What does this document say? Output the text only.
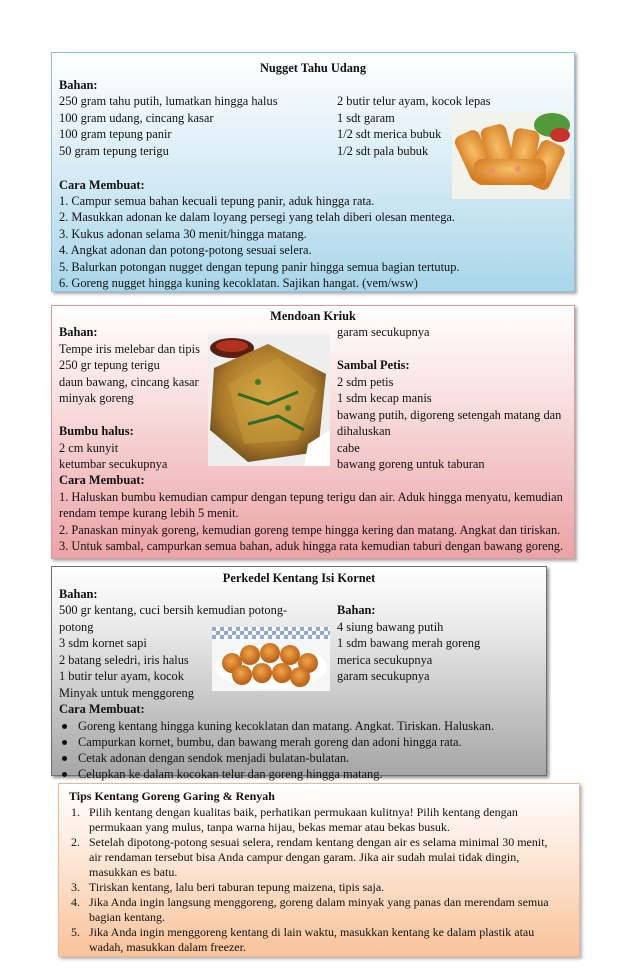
Nugget Tahu Udang
Bahan:
250 gram tahu putih, lumatkan hingga halus
100 gram udang, cincang kasar
100 gram tepung panir
50 gram tepung terigu
2 butir telur ayam, kocok lepas
1 sdt garam
1/2 sdt merica bubuk
1/2 sdt pala bubuk
Cara Membuat:
1. Campur semua bahan kecuali tepung panir, aduk hingga rata.
2. Masukkan adonan ke dalam loyang persegi yang telah diberi olesan mentega.
3. Kukus adonan selama 30 menit/hingga matang.
4. Angkat adonan dan potong-potong sesuai selera.
5. Balurkan potongan nugget dengan tepung panir hingga semua bagian tertutup.
6. Goreng nugget hingga kuning kecoklatan. Sajikan hangat. (vem/wsw)
Mendoan Kriuk
Bahan:
Tempe iris melebar dan tipis
250 gr tepung terigu
daun bawang, cincang kasar
minyak goreng
Bumbu halus:
2 cm kunyit
ketumbar secukupnya
garam secukupnya
Sambal Petis:
2 sdm petis
1 sdm kecap manis
bawang putih, digoreng setengah matang dan
dihaluskan
cabe
bawang goreng untuk taburan
Cara Membuat:
1. Haluskan bumbu kemudian campur dengan tepung terigu dan air. Aduk hingga menyatu, kemudian
rendam tempe kurang lebih 5 menit.
2. Panaskan minyak goreng, kemudian goreng tempe hingga kering dan matang. Angkat dan tiriskan.
3. Untuk sambal, campurkan semua bahan, aduk hingga rata kemudian taburi dengan bawang goreng.
Perkedel Kentang Isi Kornet
Bahan:
500 gr kentang, cuci bersih kemudian potong-
potong
3 sdm kornet sapi
2 batang seledri, iris halus
1 butir telur ayam, kocok
Minyak untuk menggoreng
Bahan:
4 siung bawang putih
1 sdm bawang merah goreng
merica secukupnya
garam secukupnya
Cara Membuat:
Goreng kentang hingga kuning kecoklatan dan matang. Angkat. Tiriskan. Haluskan.
Campurkan kornet, bumbu, dan bawang merah goreng dan adoni hingga rata.
Cetak adonan dengan sendok menjadi bulatan-bulatan.
Celupkan ke dalam kocokan telur dan goreng hingga matang.
Tips Kentang Goreng Garing & Renyah
1. Pilih kentang dengan kualitas baik, perhatikan permukaan kulitnya! Pilih kentang dengan
permukaan yang mulus, tanpa warna hijau, bekas memar atau bekas busuk.
2. Setelah dipotong-potong sesuai selera, rendam kentang dengan air es selama minimal 30 menit,
air rendaman tersebut bisa Anda campur dengan garam. Jika air sudah mulai tidak dingin,
masukkan es batu.
3. Tiriskan kentang, lalu beri taburan tepung maizena, tipis saja.
4. Jika Anda ingin langsung menggoreng, goreng dalam minyak yang panas dan merendam semua
bagian kentang.
5. Jika Anda ingin menggoreng kentang di lain waktu, masukkan kentang ke dalam plastik atau
wadah, masukkan dalam freezer.
